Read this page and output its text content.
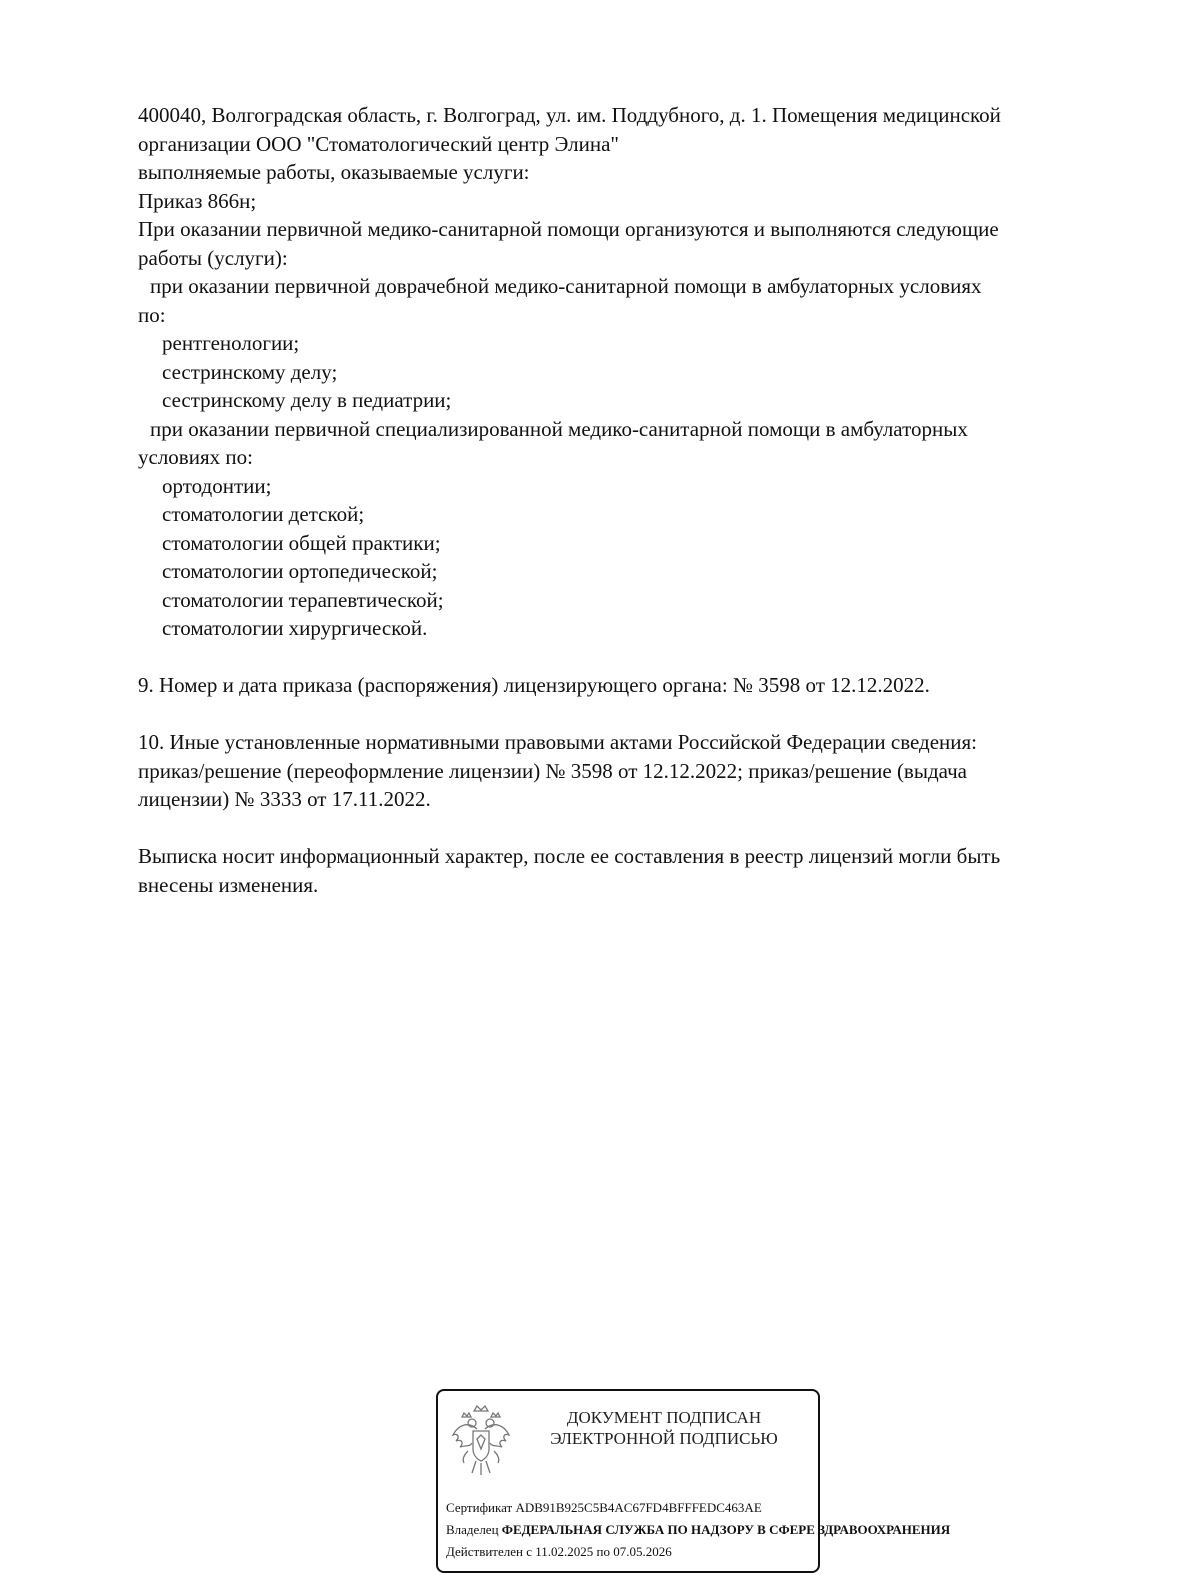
400040, Волгоградская область, г. Волгоград, ул. им. Поддубного, д. 1. Помещения медицинской

организации ООО "Стоматологический центр Элина"

выполняемые работы, оказываемые услуги:

Приказ 866н;

При оказании первичной медико-санитарной помощи организуются и выполняются следующие

работы (услуги):

при оказании первичной доврачебной медико-санитарной помощи в амбулаторных условиях

по:

рентгенологии;

сестринскому делу;

сестринскому делу в педиатрии;

при оказании первичной специализированной медико-санитарной помощи в амбулаторных

условиях по:

ортодонтии;

стоматологии детской;

стоматологии общей практики;

стоматологии ортопедической;

стоматологии терапевтической;

стоматологии хирургической.

9. Номер и дата приказа (распоряжения) лицензирующего органа: № 3598 от 12.12.2022.

10. Иные установленные нормативными правовыми актами Российской Федерации сведения:

приказ/решение (переоформление лицензии) № 3598 от 12.12.2022; приказ/решение (выдача

лицензии) № 3333 от 17.11.2022.

Выписка носит информационный характер, после ее составления в реестр лицензий могли быть

внесены изменения.

ДОКУМЕНТ ПОДПИСАН
ЭЛЕКТРОННОЙ ПОДПИСЬЮ
Сертификат ADB91B925C5B4AC67FD4BFFFEDC463AE
Владелец ФЕДЕРАЛЬНАЯ СЛУЖБА ПО НАДЗОРУ В СФЕРЕ ЗДРАВООХРАНЕНИЯ
Действителен с 11.02.2025 по 07.05.2026
